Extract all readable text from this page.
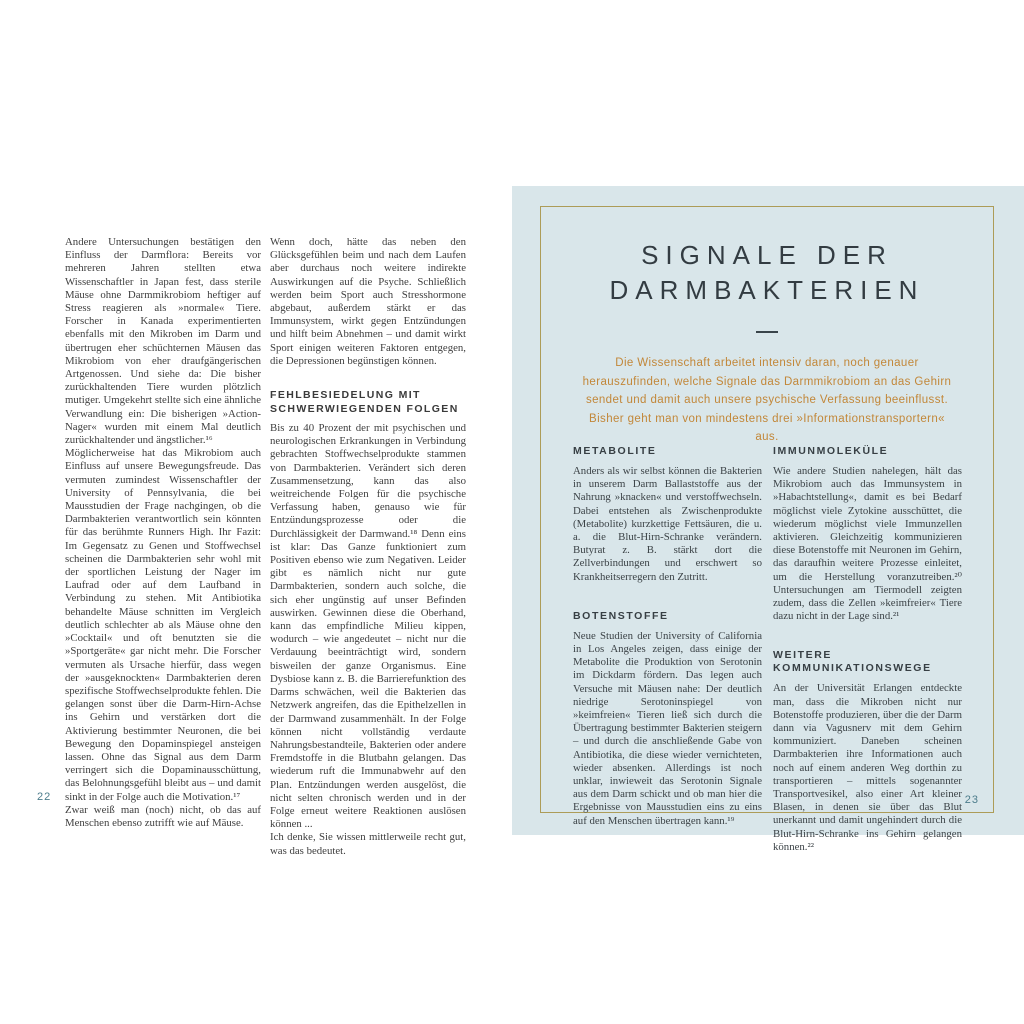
Andere Untersuchungen bestätigen den Einfluss der Darmflora: Bereits vor mehreren Jahren stellten etwa Wissenschaftler in Japan fest, dass sterile Mäuse ohne Darmmikrobiom heftiger auf Stress reagieren als »normale« Tiere. Forscher in Kanada experimentierten ebenfalls mit den Mikroben im Darm und übertrugen eher schüchternen Mäusen das Mikrobiom von eher draufgängerischen Artgenossen. Und siehe da: Die bisher zurückhaltenden Tiere wurden plötzlich mutiger. Umgekehrt stellte sich eine ähnliche Verwandlung ein: Die bisherigen »Action-Nager« wurden mit einem Mal deutlich zurückhaltender und ängstlicher.¹⁶

Möglicherweise hat das Mikrobiom auch Einfluss auf unsere Bewegungsfreude. Das vermuten zumindest Wissenschaftler der University of Pennsylvania, die bei Mausstudien der Frage nachgingen, ob die Darmbakterien verantwortlich sein könnten für das berühmte Runners High. Ihr Fazit: Im Gegensatz zu Genen und Stoffwechsel scheinen die Darmbakterien sehr wohl mit der sportlichen Leistung der Nager im Laufrad oder auf dem Laufband in Verbindung zu stehen. Mit Antibiotika behandelte Mäuse schnitten im Vergleich deutlich schlechter ab als Mäuse ohne den »Cocktail« und oft benutzten sie die »Sportgeräte« gar nicht mehr. Die Forscher vermuten als Ursache hierfür, dass wegen der »ausgeknockten« Darmbakterien deren spezifische Stoffwechselprodukte fehlen. Die gelangen sonst über die Darm-Hirn-Achse ins Gehirn und verstärken dort die Aktivierung bestimmter Neuronen, die bei Bewegung den Dopaminspiegel ansteigen lassen. Ohne das Signal aus dem Darm verringert sich die Dopaminausschüttung, das Belohnungsgefühl bleibt aus – und damit sinkt in der Folge auch die Motivation.¹⁷

Zwar weiß man (noch) nicht, ob das auf Menschen ebenso zutrifft wie auf Mäuse.

Wenn doch, hätte das neben den Glücksgefühlen beim und nach dem Laufen aber durchaus noch weitere indirekte Auswirkungen auf die Psyche. Schließlich werden beim Sport auch Stresshormone abgebaut, außerdem stärkt er das Immunsystem, wirkt gegen Entzündungen und hilft beim Abnehmen – und damit wirkt Sport einigen weiteren Faktoren entgegen, die Depressionen begünstigen können.

FEHLBESIEDELUNG MIT SCHWERWIEGENDEN FOLGEN

Bis zu 40 Prozent der mit psychischen und neurologischen Erkrankungen in Verbindung gebrachten Stoffwechselprodukte stammen von Darmbakterien. Verändert sich deren Zusammensetzung, kann das also weitreichende Folgen für die psychische Verfassung haben, genauso wie für Entzündungsprozesse oder die Durchlässigkeit der Darmwand.¹⁸ Denn eins ist klar: Das Ganze funktioniert zum Positiven ebenso wie zum Negativen. Leider gibt es nämlich nicht nur gute Darmbakterien, sondern auch solche, die sich eher ungünstig auf unser Befinden auswirken. Gewinnen diese die Oberhand, kann das empfindliche Milieu kippen, wodurch – wie angedeutet – nicht nur die Verdauung beeinträchtigt wird, sondern bisweilen der ganze Organismus. Eine Dysbiose kann z. B. die Barrierefunktion des Darms schwächen, weil die Bakterien das Netzwerk angreifen, das die Epithelzellen in der Darmwand zusammenhält. In der Folge können nicht vollständig verdaute Nahrungsbestandteile, Bakterien oder andere Fremdstoffe in die Blutbahn gelangen. Das wiederum ruft die Immunabwehr auf den Plan. Entzündungen werden ausgelöst, die nicht selten chronisch werden und in der Folge erneut weitere Reaktionen auslösen können ...

Ich denke, Sie wissen mittlerweile recht gut, was das bedeutet.

22
SIGNALE DER
DARMBAKTERIEN

Die Wissenschaft arbeitet intensiv daran, noch genauer herauszufinden, welche Signale das Darmmikrobiom an das Gehirn sendet und damit auch unsere psychische Verfassung beeinflusst. Bisher geht man von mindestens drei »Informationstransportern« aus.

METABOLITE

Anders als wir selbst können die Bakterien in unserem Darm Ballaststoffe aus der Nahrung »knacken« und verstoffwechseln. Dabei entstehen als Zwischenprodukte (Metabolite) kurzkettige Fettsäuren, die u. a. die Blut-Hirn-Schranke verändern. Butyrat z. B. stärkt dort die Zellverbindungen und erschwert so Krankheitserregern den Zutritt.

BOTENSTOFFE

Neue Studien der University of California in Los Angeles zeigen, dass einige der Metabolite die Produktion von Serotonin im Dickdarm fördern. Das legen auch Versuche mit Mäusen nahe: Der deutlich niedrige Serotoninspiegel von »keimfreien« Tieren ließ sich durch die Übertragung bestimmter Bakterien steigern – und durch die anschließende Gabe von Antibiotika, die diese wieder vernichteten, wieder absenken. Allerdings ist noch unklar, inwieweit das Serotonin Signale aus dem Darm schickt und ob man hier die Ergebnisse von Mausstudien eins zu eins auf den Menschen übertragen kann.¹⁹

IMMUNMOLEKÜLE

Wie andere Studien nahelegen, hält das Mikrobiom auch das Immunsystem in »Habachtstellung«, damit es bei Bedarf möglichst viele Zytokine ausschüttet, die wiederum möglichst viele Immunzellen aktivieren. Gleichzeitig kommunizieren diese Botenstoffe mit Neuronen im Gehirn, das daraufhin weitere Prozesse einleitet, um die Herstellung voranzutreiben.²⁰ Untersuchungen am Tiermodell zeigten zudem, dass die Zellen »keimfreier« Tiere dazu nicht in der Lage sind.²¹

WEITERE KOMMUNIKATIONSWEGE

An der Universität Erlangen entdeckte man, dass die Mikroben nicht nur Botenstoffe produzieren, über die der Darm dann via Vagusnerv mit dem Gehirn kommuniziert. Daneben scheinen Darmbakterien ihre Informationen auch noch auf einem anderen Weg dorthin zu transportieren – mittels sogenannter Transportvesikel, also einer Art kleiner Blasen, in denen sie über das Blut unerkannt und damit ungehindert durch die Blut-Hirn-Schranke ins Gehirn gelangen können.²²

23
